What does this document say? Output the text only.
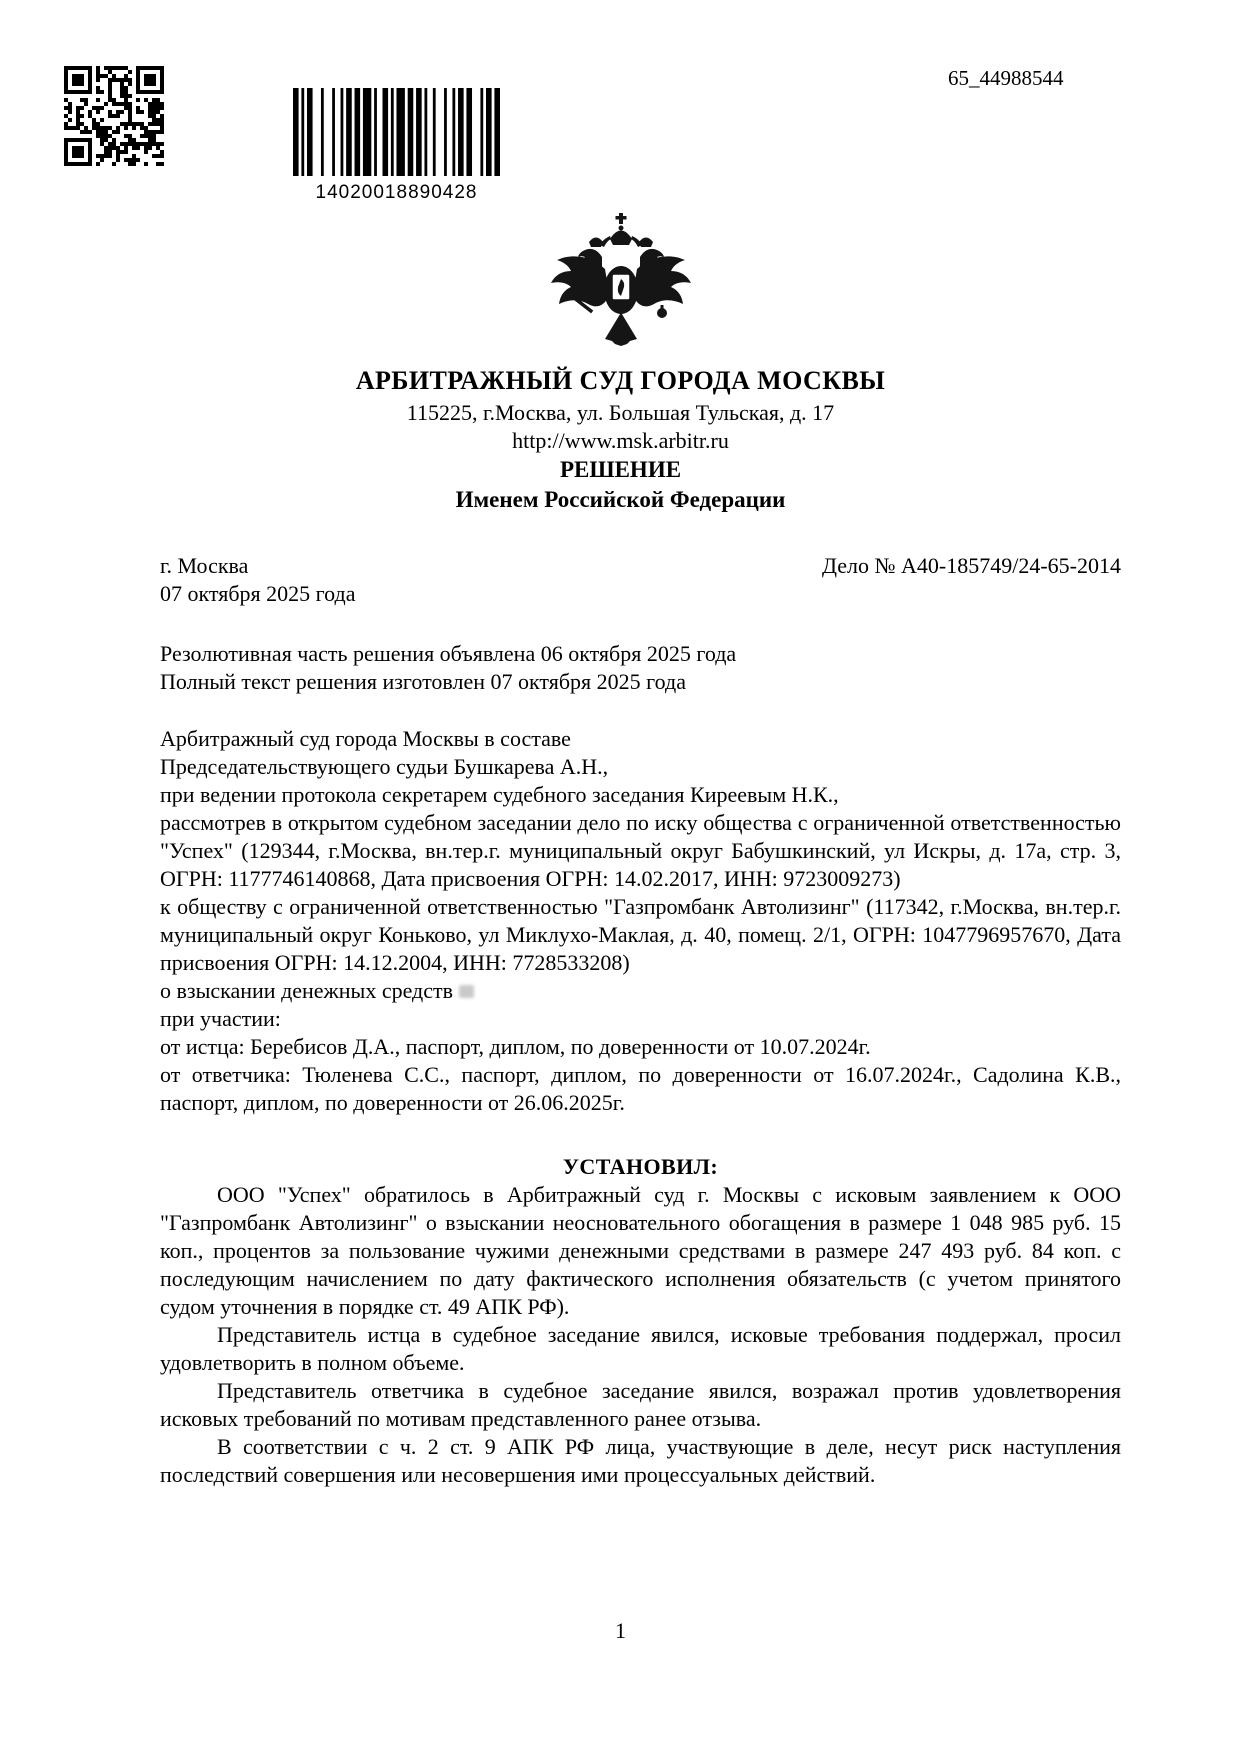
14020018890428
65_44988544
АРБИТРАЖНЫЙ СУД ГОРОДА МОСКВЫ
115225, г.Москва, ул. Большая Тульская, д. 17
http://www.msk.arbitr.ru
РЕШЕНИЕ
Именем Российской Федерации
г. Москва	Дело № А40-185749/24-65-2014

07 октября 2025 года

Резолютивная часть решения объявлена 06 октября 2025 года

Полный текст решения изготовлен 07 октября 2025 года

Арбитражный суд города Москвы в составе

Председательствующего судьи Бушкарева А.Н.,

при ведении протокола секретарем судебного заседания Киреевым Н.К.,

рассмотрев в открытом судебном заседании дело по иску общества с ограниченной ответственностью "Успех" (129344, г.Москва, вн.тер.г. муниципальный округ Бабушкинский, ул Искры, д. 17а, стр. 3, ОГРН: 1177746140868, Дата присвоения ОГРН: 14.02.2017, ИНН: 9723009273)

к обществу с ограниченной ответственностью "Газпромбанк Автолизинг" (117342, г.Москва, вн.тер.г. муниципальный округ Коньково, ул Миклухо-Маклая, д. 40, помещ. 2/1, ОГРН: 1047796957670, Дата присвоения ОГРН: 14.12.2004, ИНН: 7728533208)

о взыскании денежных средств

при участии:

от истца: Беребисов Д.А., паспорт, диплом, по доверенности от 10.07.2024г.

от ответчика: Тюленева С.С., паспорт, диплом, по доверенности от 16.07.2024г., Садолина К.В., паспорт, диплом, по доверенности от 26.06.2025г.

УСТАНОВИЛ:

ООО "Успех" обратилось в Арбитражный суд г. Москвы с исковым заявлением к ООО "Газпромбанк Автолизинг" о взыскании неосновательного обогащения в размере 1 048 985 руб. 15 коп., процентов за пользование чужими денежными средствами в размере 247 493 руб. 84 коп. с последующим начислением по дату фактического исполнения обязательств (с учетом принятого судом уточнения в порядке ст. 49 АПК РФ).

Представитель истца в судебное заседание явился, исковые требования поддержал, просил удовлетворить в полном объеме.

Представитель ответчика в судебное заседание явился, возражал против удовлетворения исковых требований по мотивам представленного ранее отзыва.

В соответствии с ч. 2 ст. 9 АПК РФ лица, участвующие в деле, несут риск наступления последствий совершения или несовершения ими процессуальных действий.

1
